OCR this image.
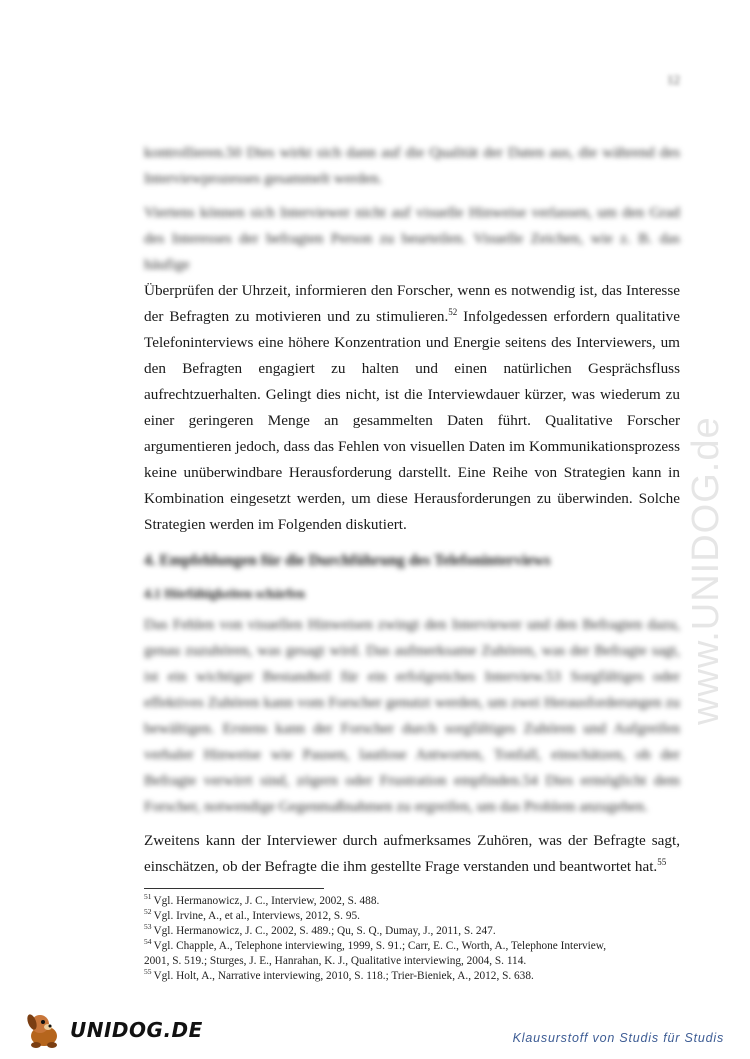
12

kontrollieren.50 Dies wirkt sich dann auf die Qualität der Daten aus, die während des Interviewprozesses gesammelt werden.

Viertens können sich Interviewer nicht auf visuelle Hinweise verlassen, um den Grad des Interesses der befragten Person zu beurteilen. Visuelle Zeichen, wie z. B. das häufige

Überprüfen der Uhrzeit, informieren den Forscher, wenn es notwendig ist, das Interesse der Befragten zu motivieren und zu stimulieren.$^{52}$ Infolgedessen erfordern qualitative Telefoninterviews eine höhere Konzentration und Energie seitens des Interviewers, um den Befragten engagiert zu halten und einen natürlichen Gesprächsfluss aufrechtzuerhalten. Gelingt dies nicht, ist die Interviewdauer kürzer, was wiederum zu einer geringeren Menge an gesammelten Daten führt. Qualitative Forscher argumentieren jedoch, dass das Fehlen von visuellen Daten im Kommunikationsprozess keine unüberwindbare Herausforderung darstellt. Eine Reihe von Strategien kann in Kombination eingesetzt werden, um diese Herausforderungen zu überwinden. Solche Strategien werden im Folgenden diskutiert.

4. Empfehlungen für die Durchführung des Telefoninterviews

4.1 Hörfähigkeiten schärfen

Das Fehlen von visuellen Hinweisen zwingt den Interviewer und den Befragten dazu, genau zuzuhören, was gesagt wird. Das aufmerksame Zuhören, was der Befragte sagt, ist ein wichtiger Bestandteil für ein erfolgreiches Interview.53 Sorgfältiges oder effektives Zuhören kann vom Forscher genutzt werden, um zwei Herausforderungen zu bewältigen. Erstens kann der Forscher durch sorgfältiges Zuhören und Aufgreifen verbaler Hinweise wie Pausen, lautlose Antworten, Tonfall, einschätzen, ob der Befragte verwirrt sind, zögern oder Frustration empfinden.54 Dies ermöglicht dem Forscher, notwendige Gegenmaßnahmen zu ergreifen, um das Problem anzugehen.

Zweitens kann der Interviewer durch aufmerksames Zuhören, was der Befragte sagt, einschätzen, ob der Befragte die ihm gestellte Frage verstanden und beantwortet hat.$^{55}$

$^{51}$ Vgl. Hermanowicz, J. C., Interview, 2002, S. 488.

$^{52}$ Vgl. Irvine, A., et al., Interviews, 2012, S. 95.

$^{53}$ Vgl. Hermanowicz, J. C., 2002, S. 489.; Qu, S. Q., Dumay, J., 2011, S. 247.

$^{54}$ Vgl. Chapple, A., Telephone interviewing, 1999, S. 91.; Carr, E. C., Worth, A., Telephone Interview,

2001, S. 519.; Sturges, J. E., Hanrahan, K. J., Qualitative interviewing, 2004, S. 114.

$^{55}$ Vgl. Holt, A., Narrative interviewing, 2010, S. 118.; Trier-Bieniek, A., 2012, S. 638.

www.UNIDOG.de
UNIDOG.DE	Klausurstoff von Studis für Studis
